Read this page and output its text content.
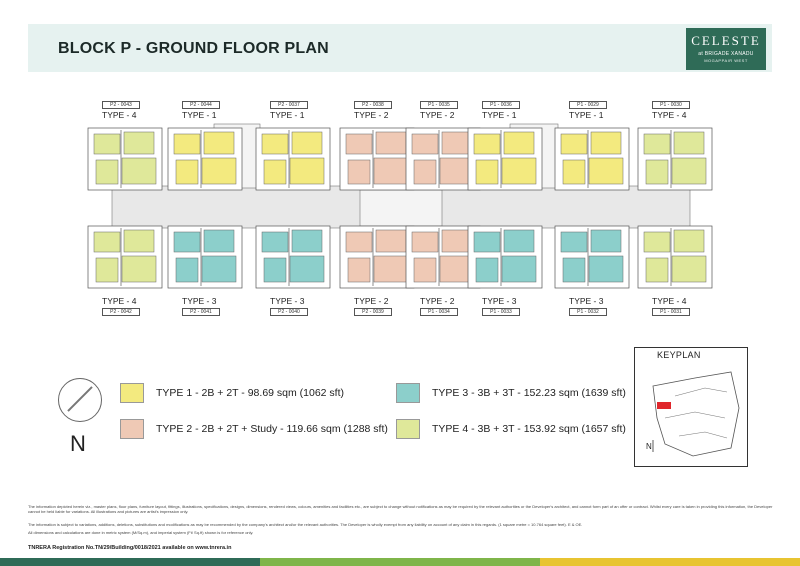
BLOCK P - GROUND FLOOR PLAN	CELESTE
at BRIGADE XANADU
MOGAPPAIR WEST
P2 - 0043
TYPE - 4
P2 - 0044
TYPE - 1
P2 - 0037
TYPE - 1
P2 - 0038
TYPE - 2
P1 - 0035
TYPE - 2
P1 - 0036
TYPE - 1
P1 - 0029
TYPE - 1
P1 - 0030
TYPE - 4
P2 - 0042
TYPE - 4
P2 - 0041
TYPE - 3
P2 - 0040
TYPE - 3
P2 - 0039
TYPE - 2
P1 - 0034
TYPE - 2
P1 - 0033
TYPE - 3
P1 - 0032
TYPE - 3
P1 - 0031
TYPE - 4
N
TYPE 1 - 2B + 2T - 98.69 sqm (1062 sft)
TYPE 2 - 2B + 2T + Study - 119.66 sqm (1288 sft)
TYPE 3 - 3B + 3T - 152.23 sqm (1639 sft)
TYPE 4 - 3B + 3T - 153.92 sqm (1657 sft)
KEYPLAN
N
The information depicted herein viz., master plans, floor plans, furniture layout, fittings, illustrations, specifications, designs, dimensions, rendered views, colours, amenities and facilities etc., are subject to change without notifications as may be required by the relevant authorities or the Developer's architect, and cannot form part of an offer or contract. Whilst every care is taken in providing this information, the Developer cannot be held liable for variations. All illustrations and pictures are artist's impression only.
The information is subject to variations, additions, deletions, substitutions and modifications as may be recommended by the company's architect and/or the relevant authorities. The Developer is wholly exempt from any liability on account of any claim in this regards. (1 square metre = 10.764 square feet). E & OE.
All dimensions and calculations are done in metric system (M/Sq.m), and imperial system (Ft/ Sq.ft) shown is for reference only.
TNRERA Registration No.TN/29/Building/0018/2021 available on www.tnrera.in
